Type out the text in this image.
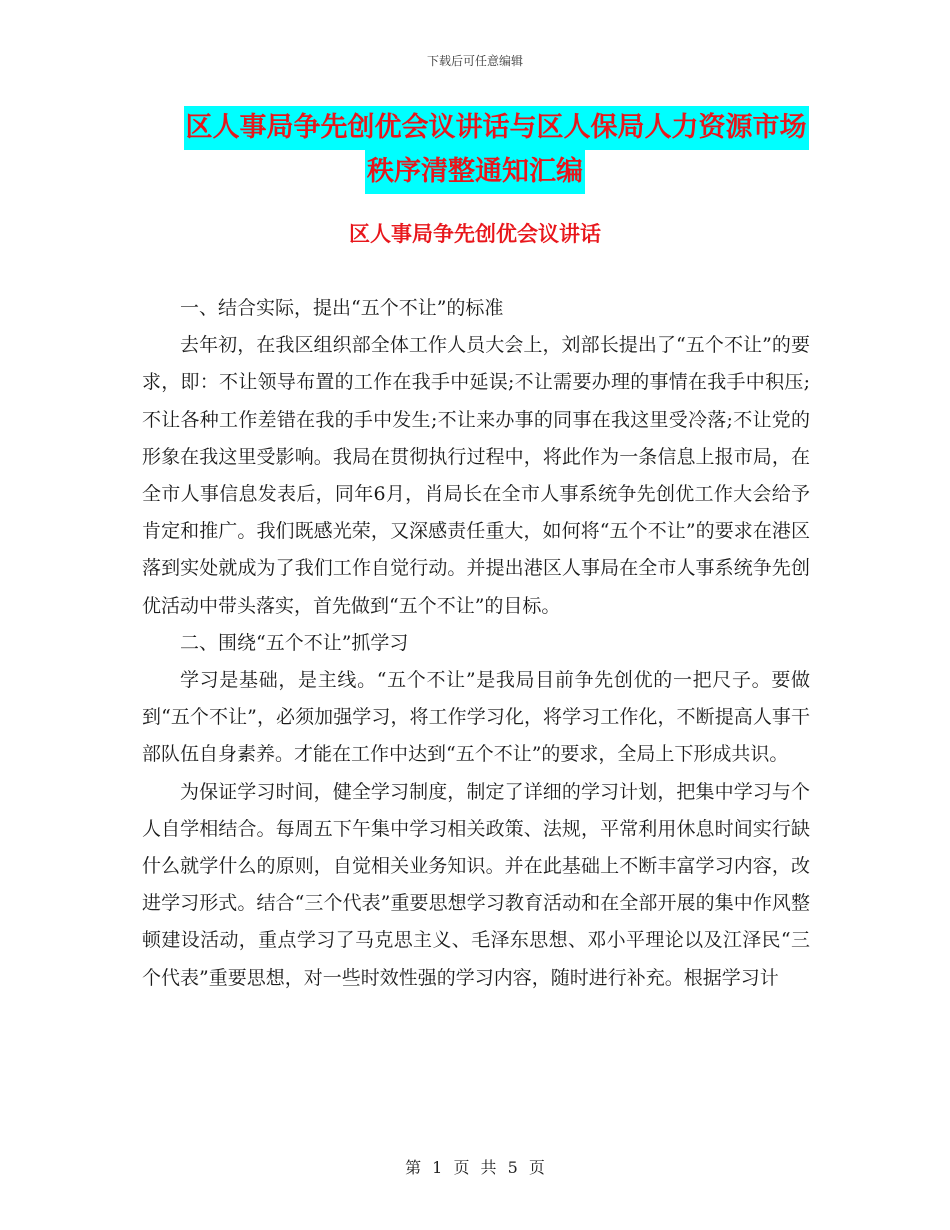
下载后可任意编辑
区人事局争先创优会议讲话与区人保局人力资源市场
秩序清整通知汇编
区人事局争先创优会议讲话

一、结合实际，提出“五个不让”的标准

去年初，在我区组织部全体工作人员大会上，刘部长提出了“五个不让”的要求，即：不让领导布置的工作在我手中延误;不让需要办理的事情在我手中积压;不让各种工作差错在我的手中发生;不让来办事的同事在我这里受冷落;不让党的形象在我这里受影响。我局在贯彻执行过程中，将此作为一条信息上报市局，在全市人事信息发表后，同年6月，肖局长在全市人事系统争先创优工作大会给予肯定和推广。我们既感光荣，又深感责任重大，如何将“五个不让”的要求在港区落到实处就成为了我们工作自觉行动。并提出港区人事局在全市人事系统争先创优活动中带头落实，首先做到“五个不让”的目标。

二、围绕“五个不让”抓学习

学习是基础，是主线。“五个不让”是我局目前争先创优的一把尺子。要做到“五个不让”，必须加强学习，将工作学习化，将学习工作化，不断提高人事干部队伍自身素养。才能在工作中达到“五个不让”的要求，全局上下形成共识。

为保证学习时间，健全学习制度，制定了详细的学习计划，把集中学习与个人自学相结合。每周五下午集中学习相关政策、法规，平常利用休息时间实行缺什么就学什么的原则，自觉相关业务知识。并在此基础上不断丰富学习内容，改进学习形式。结合“三个代表”重要思想学习教育活动和在全部开展的集中作风整顿建设活动，重点学习了马克思主义、毛泽东思想、邓小平理论以及江泽民“三个代表”重要思想，对一些时效性强的学习内容，随时进行补充。根据学习计

第 1 页 共 5 页
